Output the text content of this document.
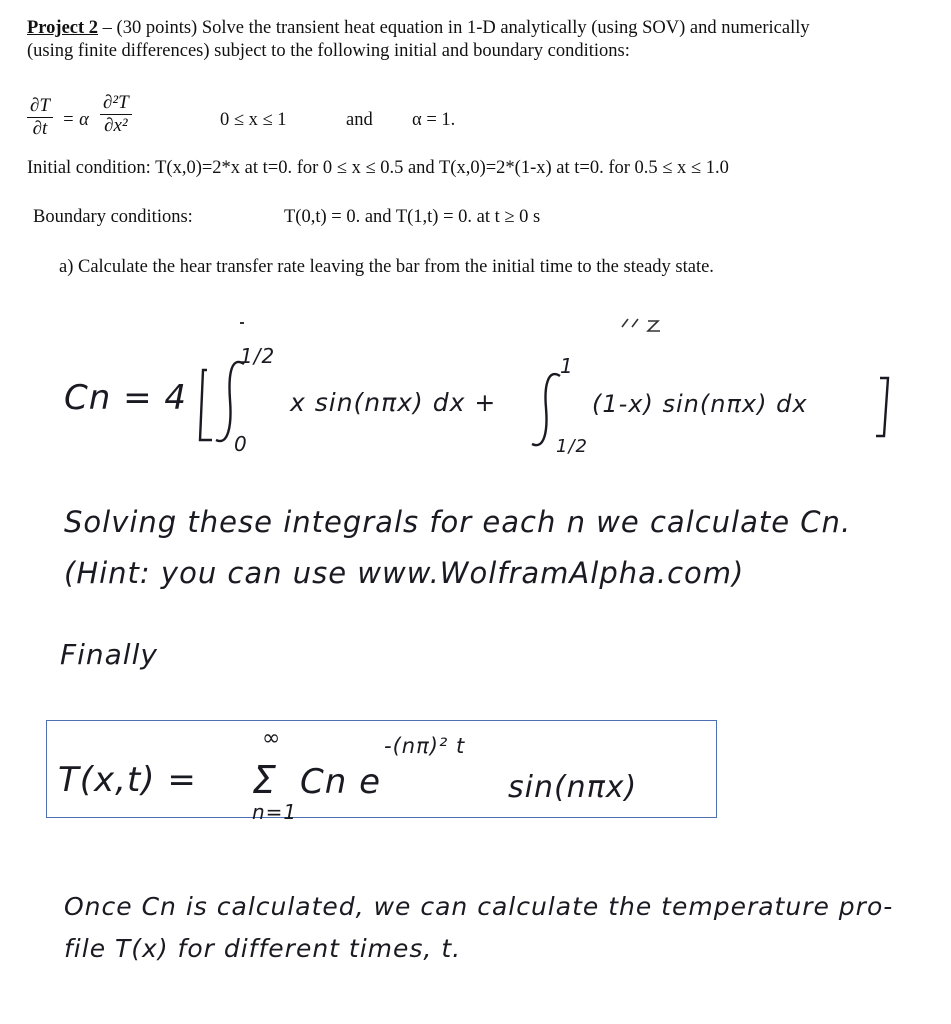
Project 2 – (30 points) Solve the transient heat equation in 1-D analytically (using SOV) and numerically
(using finite differences) subject to the following initial and boundary conditions:
$\frac{\partial T}{\partial t} = \alpha \frac{\text{∂²T}}{\text{∂x²}}$	0 ≤ x ≤ 1	and α = 1.
Initial condition: T(x,0)=2*x at t=0. for 0 ≤ x ≤ 0.5 and T(x,0)=2*(1-x) at t=0. for 0.5 ≤ x ≤ 1.0
Boundary conditions:	T(0,t) = 0. and T(1,t) = 0. at t ≥ 0 s
a) Calculate the hear transfer rate leaving the bar from the initial time to the steady state.
Cn = 4
1/2
0
x sin(nπx) dx +
1
1/2
(1-x) sin(nπx) dx
Solving these integrals for each n we calculate Cn.
(Hint: you can use www.WolframAlpha.com)
Finally
T(x,t) =
∞
Σ
n=1
Cn e
-(nπ)² t
sin(nπx)
Once Cn is calculated, we can calculate the temperature pro-
file T(x) for different times, t.
